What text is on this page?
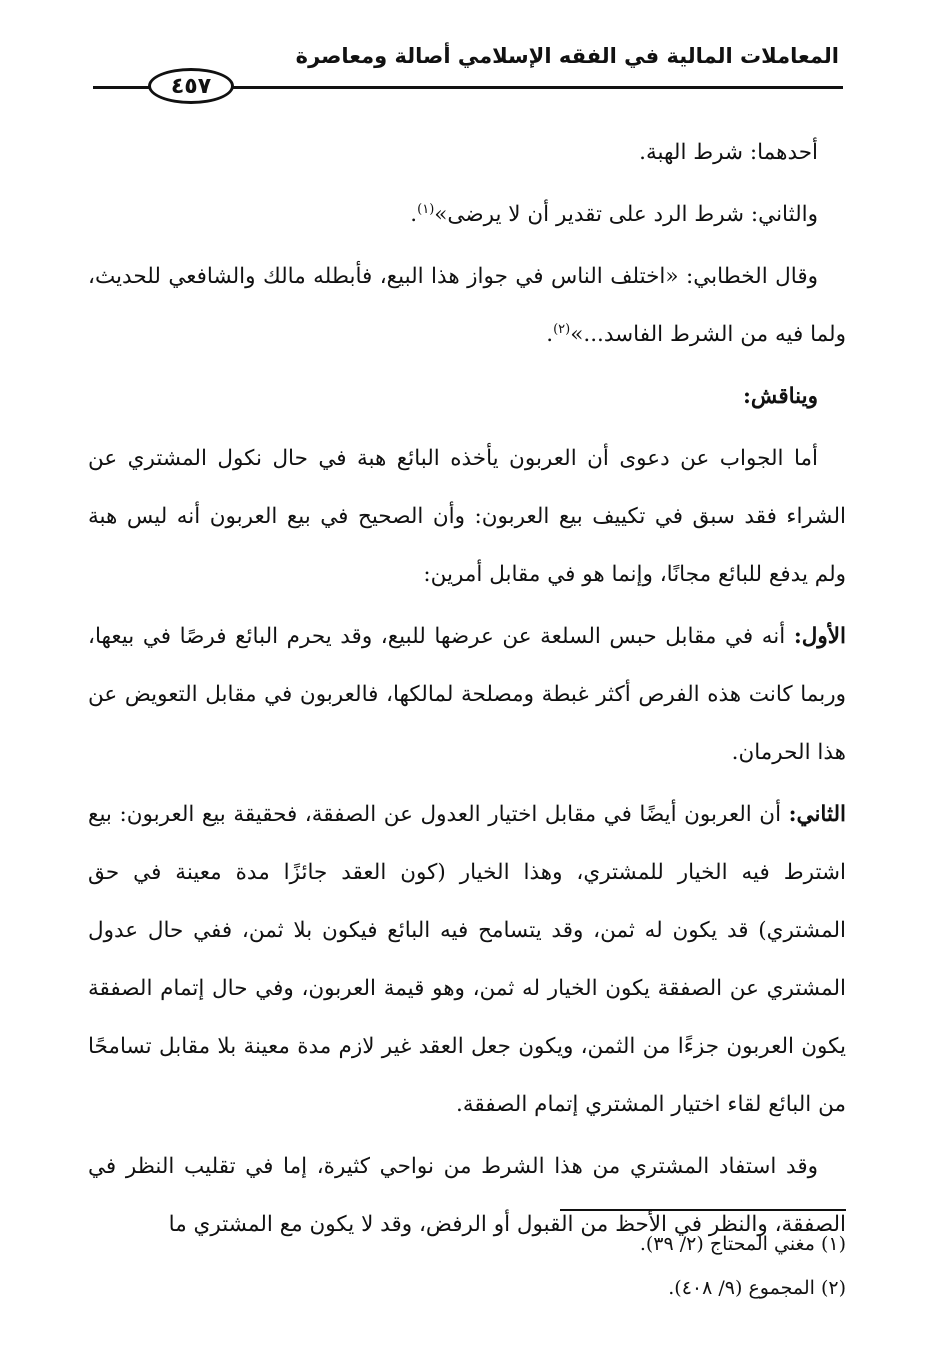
المعاملات المالية في الفقه الإسلامي أصالة ومعاصرة
٤٥٧

أحدهما: شرط الهبة.

والثاني: شرط الرد على تقدير أن لا يرضى»$^{(١)}$.

وقال الخطابي: «اختلف الناس في جواز هذا البيع، فأبطله مالك والشافعي للحديث، ولما فيه من الشرط الفاسد...»$^{(٢)}$.

ويناقش:

أما الجواب عن دعوى أن العربون يأخذه البائع هبة في حال نكول المشتري عن الشراء فقد سبق في تكييف بيع العربون: وأن الصحيح في بيع العربون أنه ليس هبة ولم يدفع للبائع مجانًا، وإنما هو في مقابل أمرين:

الأول: أنه في مقابل حبس السلعة عن عرضها للبيع، وقد يحرم البائع فرصًا في بيعها، وربما كانت هذه الفرص أكثر غبطة ومصلحة لمالكها، فالعربون في مقابل التعويض عن هذا الحرمان.

الثاني: أن العربون أيضًا في مقابل اختيار العدول عن الصفقة، فحقيقة بيع العربون: بيع اشترط فيه الخيار للمشتري، وهذا الخيار (كون العقد جائزًا مدة معينة في حق المشتري) قد يكون له ثمن، وقد يتسامح فيه البائع فيكون بلا ثمن، ففي حال عدول المشتري عن الصفقة يكون الخيار له ثمن، وهو قيمة العربون، وفي حال إتمام الصفقة يكون العربون جزءًا من الثمن، ويكون جعل العقد غير لازم مدة معينة بلا مقابل تسامحًا من البائع لقاء اختيار المشتري إتمام الصفقة.

وقد استفاد المشتري من هذا الشرط من نواحي كثيرة، إما في تقليب النظر في الصفقة، والنظر في الأحظ من القبول أو الرفض، وقد لا يكون مع المشتري ما

(١) مغني المحتاج (٢/ ٣٩).

(٢) المجموع (٩/ ٤٠٨).
